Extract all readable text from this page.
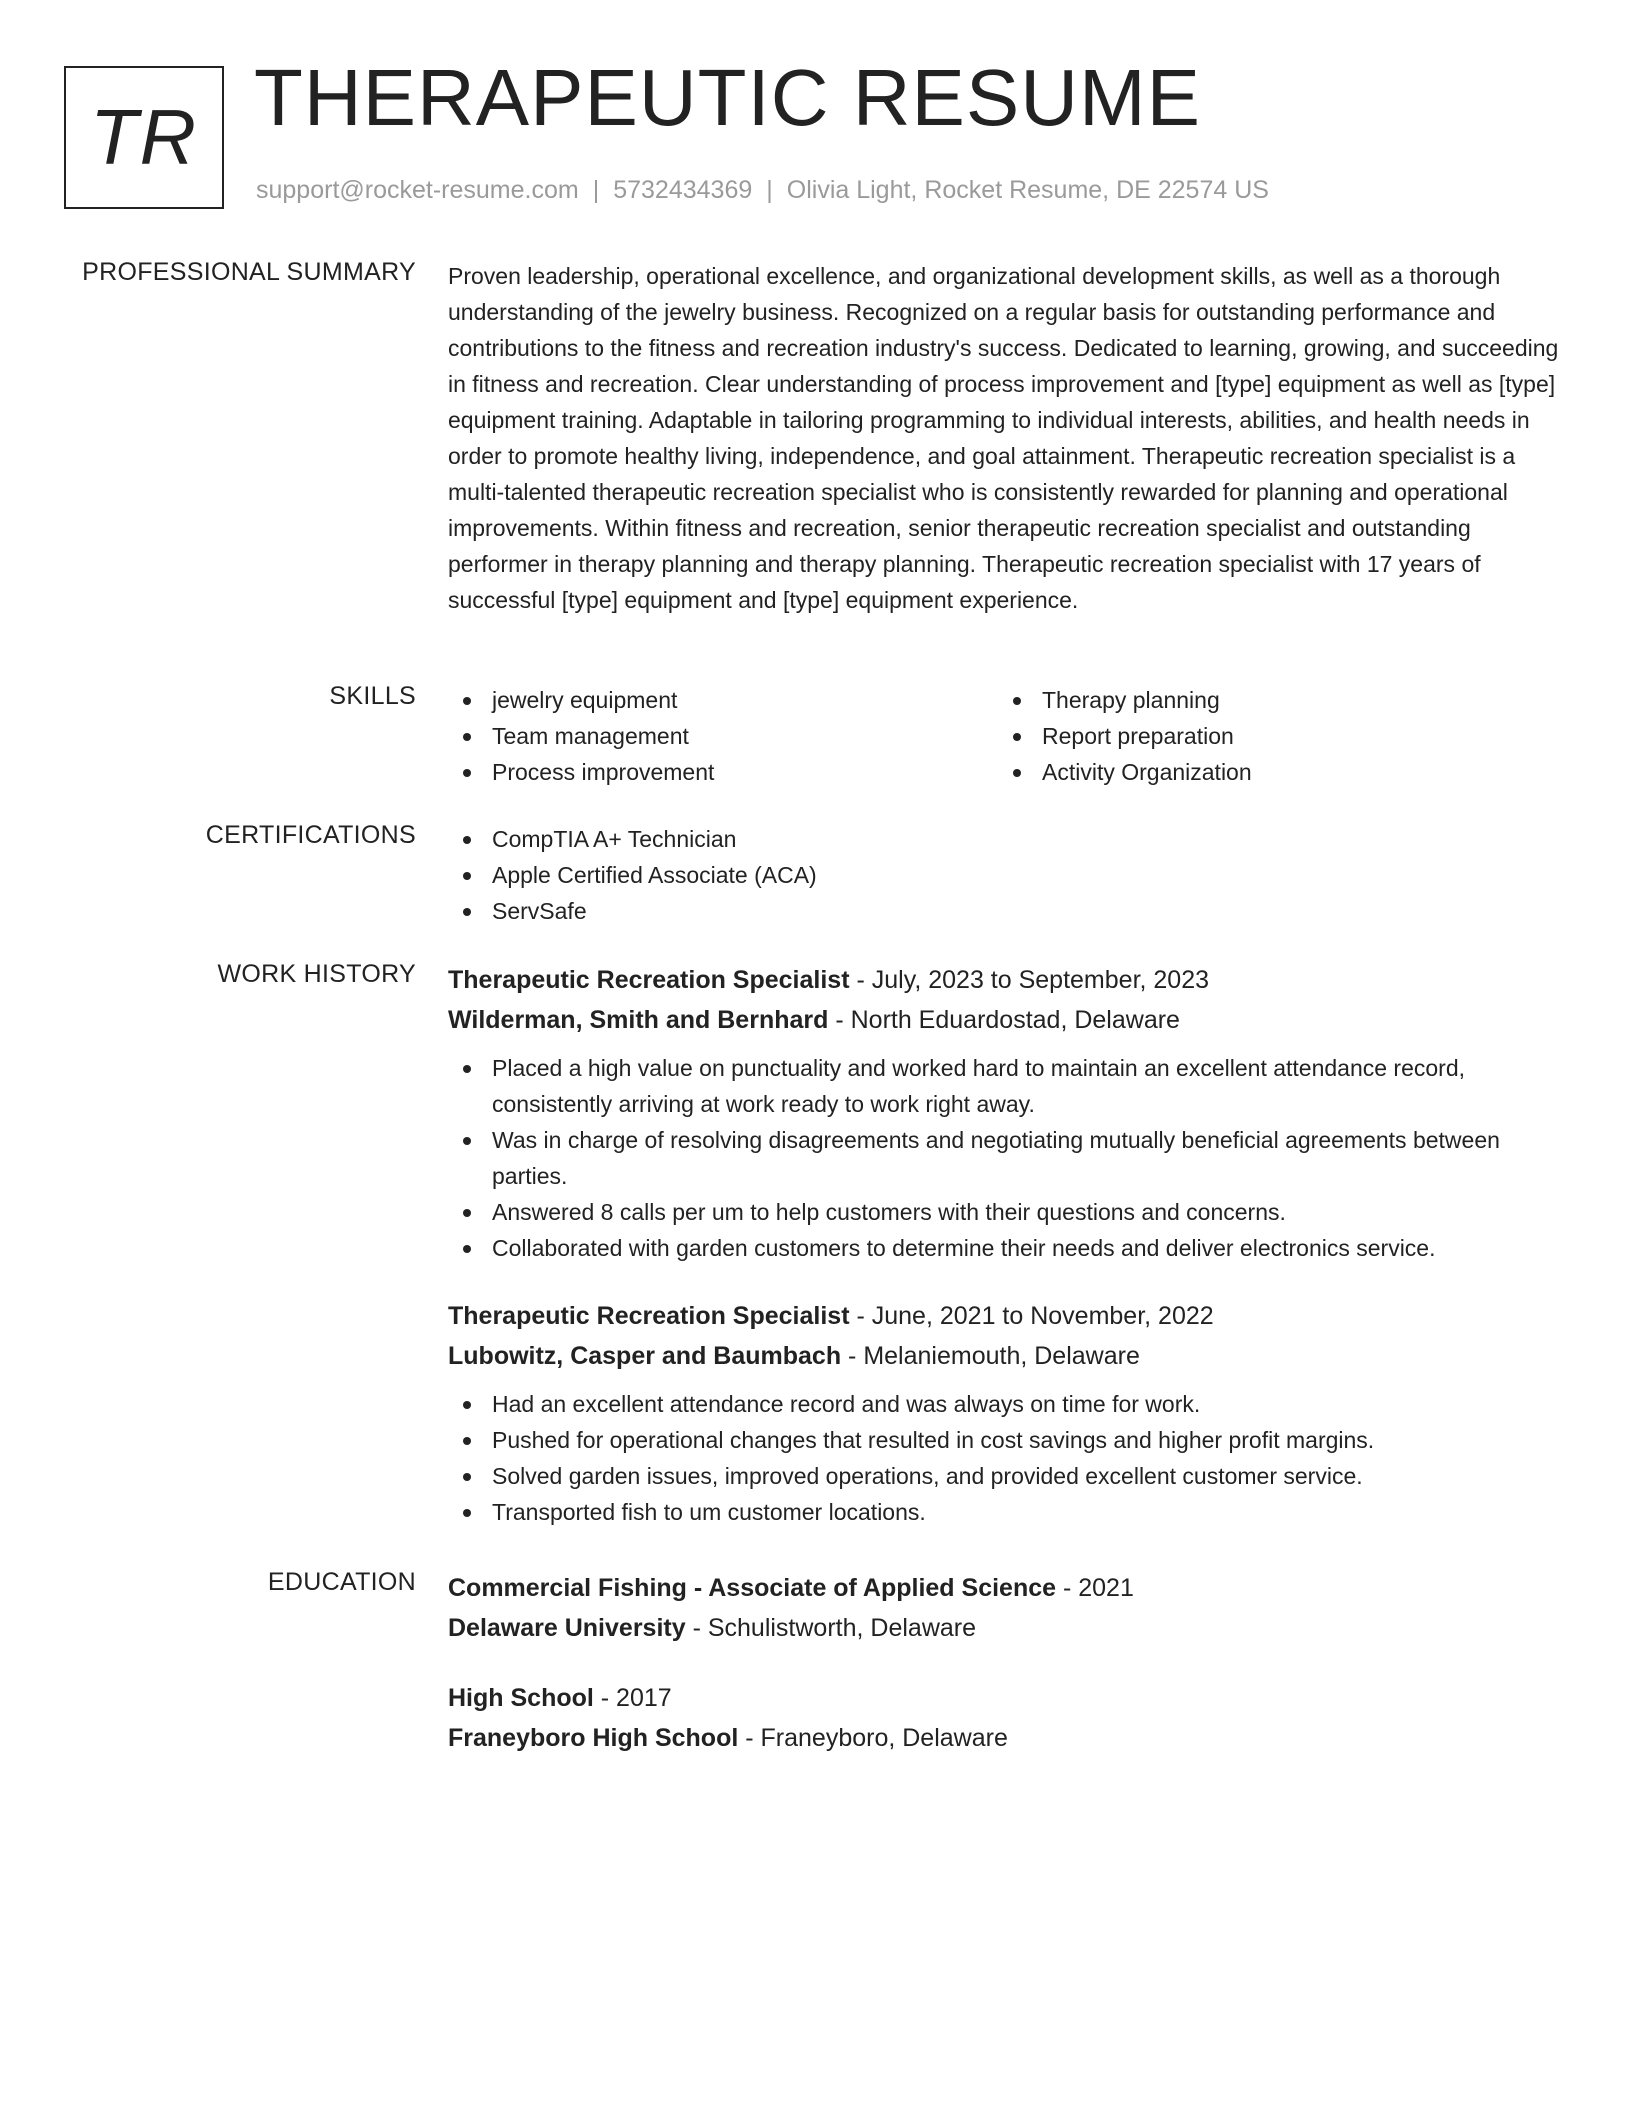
TR THERAPEUTIC RESUME
support@rocket-resume.com | 5732434369 | Olivia Light, Rocket Resume, DE 22574 US
PROFESSIONAL SUMMARY Proven leadership, operational excellence, and organizational development skills, as well as a thorough understanding of the jewelry business. Recognized on a regular basis for outstanding performance and contributions to the fitness and recreation industry's success. Dedicated to learning, growing, and succeeding in fitness and recreation. Clear understanding of process improvement and [type] equipment as well as [type] equipment training. Adaptable in tailoring programming to individual interests, abilities, and health needs in order to promote healthy living, independence, and goal attainment. Therapeutic recreation specialist is a multi-talented therapeutic recreation specialist who is consistently rewarded for planning and operational improvements. Within fitness and recreation, senior therapeutic recreation specialist and outstanding performer in therapy planning and therapy planning. Therapeutic recreation specialist with 17 years of successful [type] equipment and [type] equipment experience.

SKILLS	jewelry equipment
Team management
Process improvement
Therapy planning
Report preparation
Activity Organization
CERTIFICATIONS	CompTIA A+ Technician
Apple Certified Associate (ACA)
ServSafe
WORK HISTORY Therapeutic Recreation Specialist - July, 2023 to September, 2023
Wilderman, Smith and Bernhard - North Eduardostad, Delaware
Placed a high value on punctuality and worked hard to maintain an excellent attendance record, consistently arriving at work ready to work right away.
Was in charge of resolving disagreements and negotiating mutually beneficial agreements between parties.
Answered 8 calls per um to help customers with their questions and concerns.
Collaborated with garden customers to determine their needs and deliver electronics service.
Therapeutic Recreation Specialist - June, 2021 to November, 2022
Lubowitz, Casper and Baumbach - Melaniemouth, Delaware
Had an excellent attendance record and was always on time for work.
Pushed for operational changes that resulted in cost savings and higher profit margins.
Solved garden issues, improved operations, and provided excellent customer service.
Transported fish to um customer locations.
EDUCATION Commercial Fishing - Associate of Applied Science - 2021
Delaware University - Schulistworth, Delaware
High School - 2017
Franeyboro High School - Franeyboro, Delaware
